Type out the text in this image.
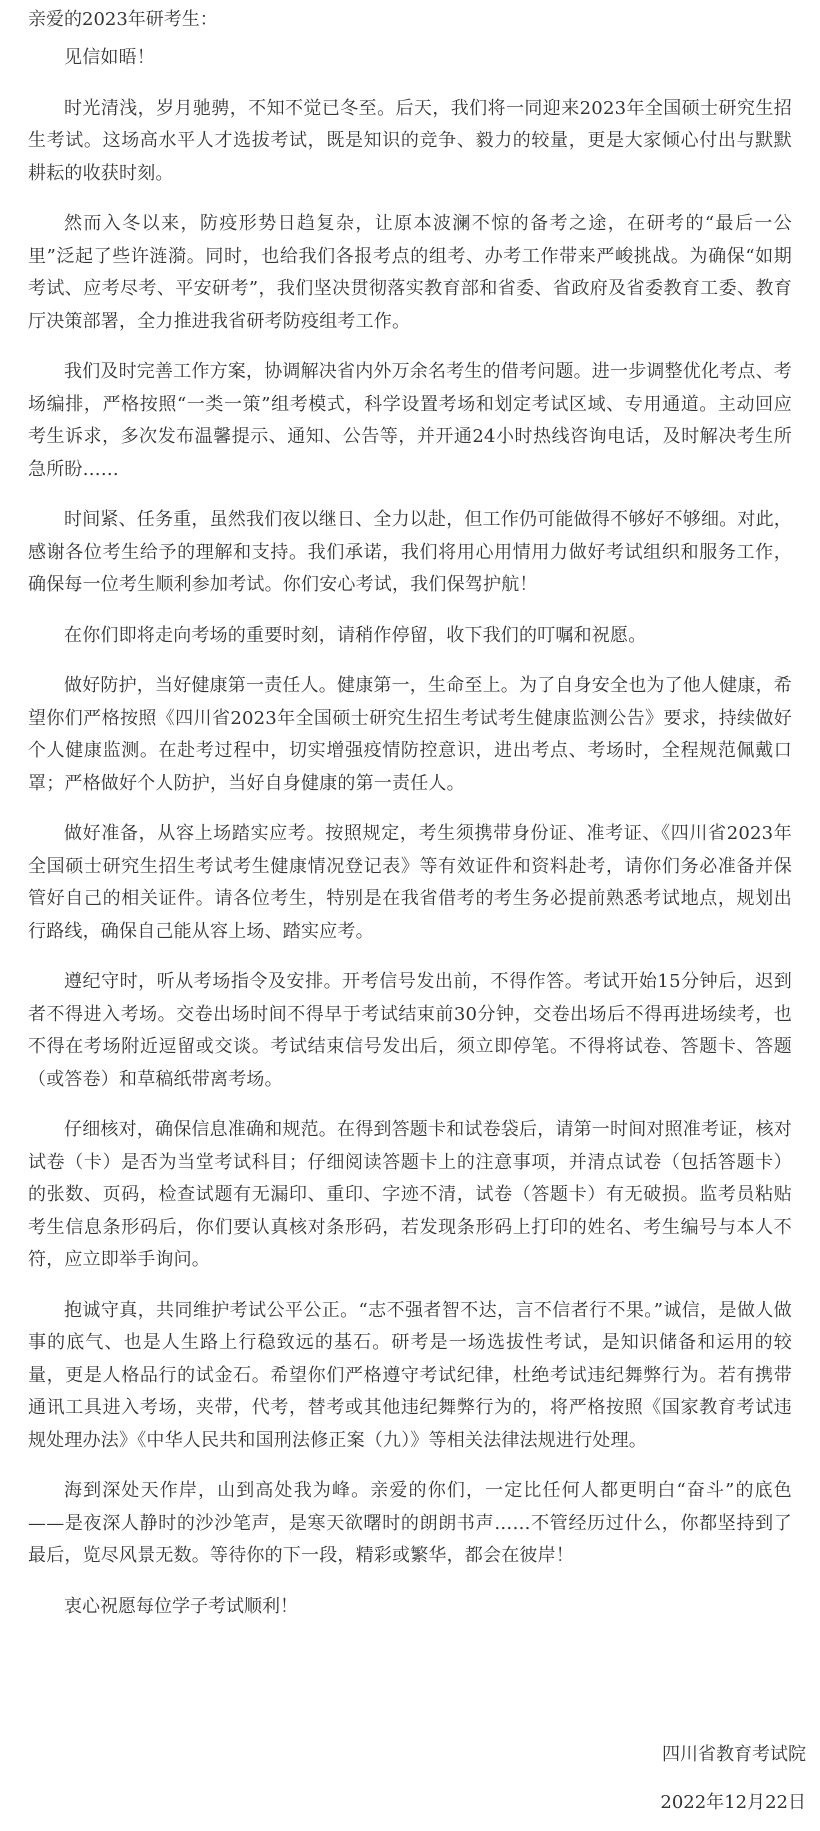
亲爱的2023年研考生：

见信如晤！

时光清浅，岁月驰骋，不知不觉已冬至。后天，我们将一同迎来2023年全国硕士研究生招生考试。这场高水平人才选拔考试，既是知识的竞争、毅力的较量，更是大家倾心付出与默默耕耘的收获时刻。

然而入冬以来，防疫形势日趋复杂，让原本波澜不惊的备考之途，在研考的“最后一公里”泛起了些许涟漪。同时，也给我们各报考点的组考、办考工作带来严峻挑战。为确保“如期考试、应考尽考、平安研考”，我们坚决贯彻落实教育部和省委、省政府及省委教育工委、教育厅决策部署，全力推进我省研考防疫组考工作。

我们及时完善工作方案，协调解决省内外万余名考生的借考问题。进一步调整优化考点、考场编排，严格按照“一类一策”组考模式，科学设置考场和划定考试区域、专用通道。主动回应考生诉求，多次发布温馨提示、通知、公告等，并开通24小时热线咨询电话，及时解决考生所急所盼……

时间紧、任务重，虽然我们夜以继日、全力以赴，但工作仍可能做得不够好不够细。对此，感谢各位考生给予的理解和支持。我们承诺，我们将用心用情用力做好考试组织和服务工作，确保每一位考生顺利参加考试。你们安心考试，我们保驾护航！

在你们即将走向考场的重要时刻，请稍作停留，收下我们的叮嘱和祝愿。

做好防护，当好健康第一责任人。健康第一，生命至上。为了自身安全也为了他人健康，希望你们严格按照《四川省2023年全国硕士研究生招生考试考生健康监测公告》要求，持续做好个人健康监测。在赴考过程中，切实增强疫情防控意识，进出考点、考场时，全程规范佩戴口罩；严格做好个人防护，当好自身健康的第一责任人。

做好准备，从容上场踏实应考。按照规定，考生须携带身份证、准考证、《四川省2023年全国硕士研究生招生考试考生健康情况登记表》等有效证件和资料赴考，请你们务必准备并保管好自己的相关证件。请各位考生，特别是在我省借考的考生务必提前熟悉考试地点，规划出行路线，确保自己能从容上场、踏实应考。

遵纪守时，听从考场指令及安排。开考信号发出前，不得作答。考试开始15分钟后，迟到者不得进入考场。交卷出场时间不得早于考试结束前30分钟，交卷出场后不得再进场续考，也不得在考场附近逗留或交谈。考试结束信号发出后，须立即停笔。不得将试卷、答题卡、答题（或答卷）和草稿纸带离考场。

仔细核对，确保信息准确和规范。在得到答题卡和试卷袋后，请第一时间对照准考证，核对试卷（卡）是否为当堂考试科目；仔细阅读答题卡上的注意事项，并清点试卷（包括答题卡）的张数、页码，检查试题有无漏印、重印、字迹不清，试卷（答题卡）有无破损。监考员粘贴考生信息条形码后，你们要认真核对条形码，若发现条形码上打印的姓名、考生编号与本人不符，应立即举手询问。

抱诚守真，共同维护考试公平公正。“志不强者智不达，言不信者行不果。”诚信，是做人做事的底气、也是人生路上行稳致远的基石。研考是一场选拔性考试，是知识储备和运用的较量，更是人格品行的试金石。希望你们严格遵守考试纪律，杜绝考试违纪舞弊行为。若有携带通讯工具进入考场，夹带，代考，替考或其他违纪舞弊行为的，将严格按照《国家教育考试违规处理办法》《中华人民共和国刑法修正案（九）》等相关法律法规进行处理。

海到深处天作岸，山到高处我为峰。亲爱的你们，一定比任何人都更明白“奋斗”的底色——是夜深人静时的沙沙笔声，是寒天欲曙时的朗朗书声……不管经历过什么，你都坚持到了最后，览尽风景无数。等待你的下一段，精彩或繁华，都会在彼岸！

衷心祝愿每位学子考试顺利！

四川省教育考试院
2022年12月22日
